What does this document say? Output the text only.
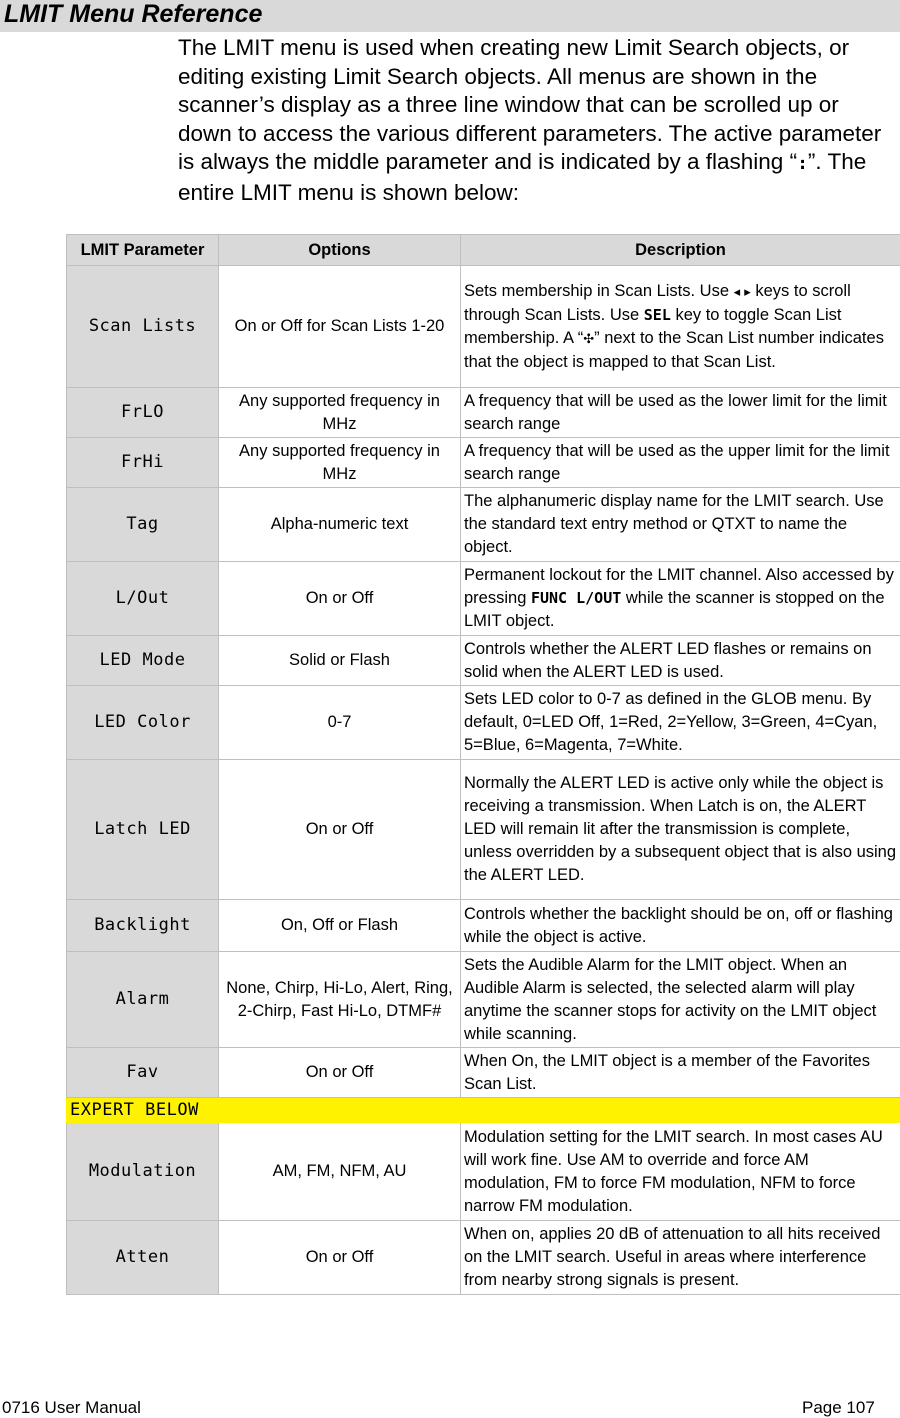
LMIT Menu Reference
The LMIT menu is used when creating new Limit Search objects, or editing existing Limit Search objects. All menus are shown in the scanner’s display as a three line window that can be scrolled up or down to access the various different parameters. The active parameter is always the middle parameter and is indicated by a flashing “:”. The entire LMIT menu is shown below:
LMIT Parameter	Options	Description
Scan Lists	On or Off for Scan Lists 1-20	Sets membership in Scan Lists. Use ◂ ▸ keys to scroll through Scan Lists. Use SEL key to toggle Scan List membership. A “✣” next to the Scan List number indicates that the object is mapped to that Scan List.
FrLO	Any supported frequency in MHz	A frequency that will be used as the lower limit for the limit search range
FrHi	Any supported frequency in MHz	A frequency that will be used as the upper limit for the limit search range
Tag	Alpha-numeric text	The alphanumeric display name for the LMIT search. Use the standard text entry method or QTXT to name the object.
L/Out	On or Off	Permanent lockout for the LMIT channel. Also accessed by pressing FUNC L/OUT while the scanner is stopped on the LMIT object.
LED Mode	Solid or Flash	Controls whether the ALERT LED flashes or remains on solid when the ALERT LED is used.
LED Color	0-7	Sets LED color to 0-7 as defined in the GLOB menu. By default, 0=LED Off, 1=Red, 2=Yellow, 3=Green, 4=Cyan, 5=Blue, 6=Magenta, 7=White.
Latch LED	On or Off	Normally the ALERT LED is active only while the object is receiving a transmission. When Latch is on, the ALERT LED will remain lit after the transmission is complete, unless overridden by a subsequent object that is also using the ALERT LED.
Backlight	On, Off or Flash	Controls whether the backlight should be on, off or flashing while the object is active.
Alarm	None, Chirp, Hi-Lo, Alert, Ring, 2-Chirp, Fast Hi-Lo, DTMF#	Sets the Audible Alarm for the LMIT object. When an Audible Alarm is selected, the selected alarm will play anytime the scanner stops for activity on the LMIT object while scanning.
Fav	On or Off	When On, the LMIT object is a member of the Favorites Scan List.
EXPERT BELOW		
Modulation	AM, FM, NFM, AU	Modulation setting for the LMIT search. In most cases AU will work fine. Use AM to override and force AM modulation, FM to force FM modulation, NFM to force narrow FM modulation.
Atten	On or Off	When on, applies 20 dB of attenuation to all hits received on the LMIT search. Useful in areas where interference from nearby strong signals is present.
0716 User Manual	Page 107
